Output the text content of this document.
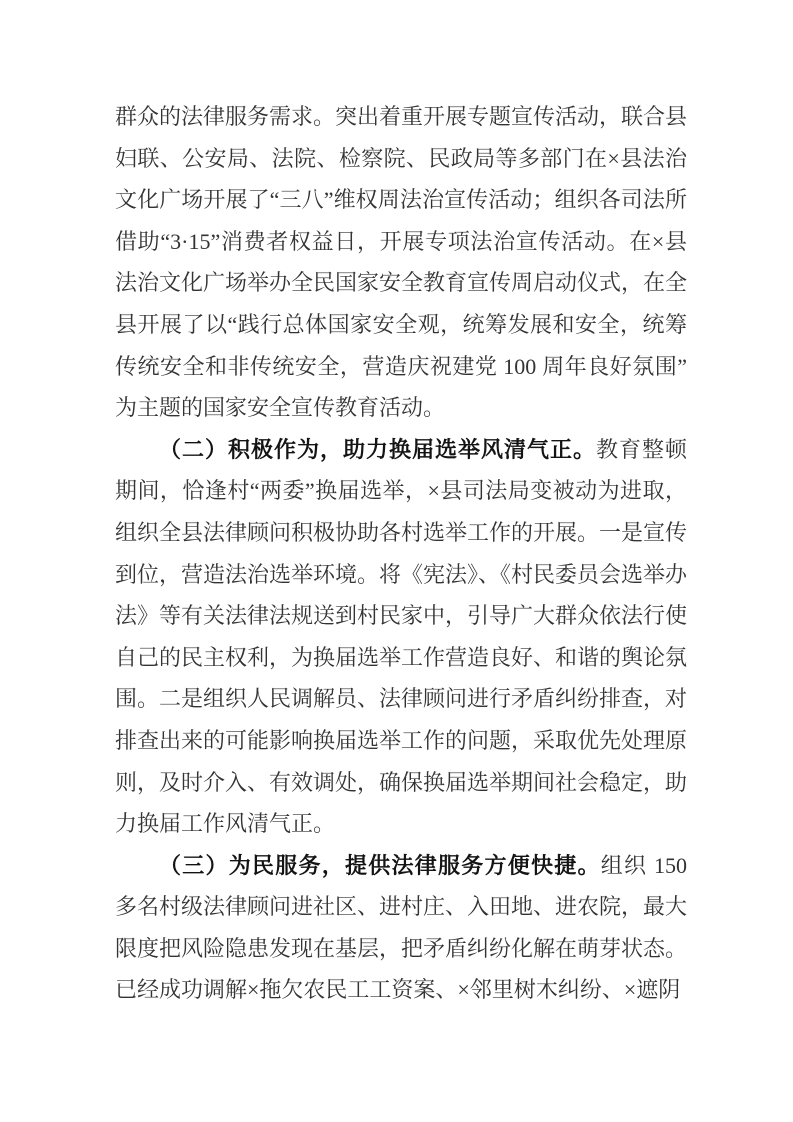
群众的法律服务需求。突出着重开展专题宣传活动，联合县妇联、公安局、法院、检察院、民政局等多部门在×县法治文化广场开展了“三八”维权周法治宣传活动；组织各司法所借助“3·15”消费者权益日，开展专项法治宣传活动。在×县法治文化广场举办全民国家安全教育宣传周启动仪式，在全县开展了以“践行总体国家安全观，统筹发展和安全，统筹传统安全和非传统安全，营造庆祝建党 100 周年良好氛围”为主题的国家安全宣传教育活动。
（二）积极作为，助力换届选举风清气正。教育整顿期间，恰逢村“两委”换届选举，×县司法局变被动为进取，组织全县法律顾问积极协助各村选举工作的开展。一是宣传到位，营造法治选举环境。将《宪法》、《村民委员会选举办法》等有关法律法规送到村民家中，引导广大群众依法行使自己的民主权利，为换届选举工作营造良好、和谐的舆论氛围。二是组织人民调解员、法律顾问进行矛盾纠纷排查，对排查出来的可能影响换届选举工作的问题，采取优先处理原则，及时介入、有效调处，确保换届选举期间社会稳定，助力换届工作风清气正。
（三）为民服务，提供法律服务方便快捷。组织 150 多名村级法律顾问进社区、进村庄、入田地、进农院，最大限度把风险隐患发现在基层，把矛盾纠纷化解在萌芽状态。已经成功调解×拖欠农民工工资案、×邻里树木纠纷、×遮阴
